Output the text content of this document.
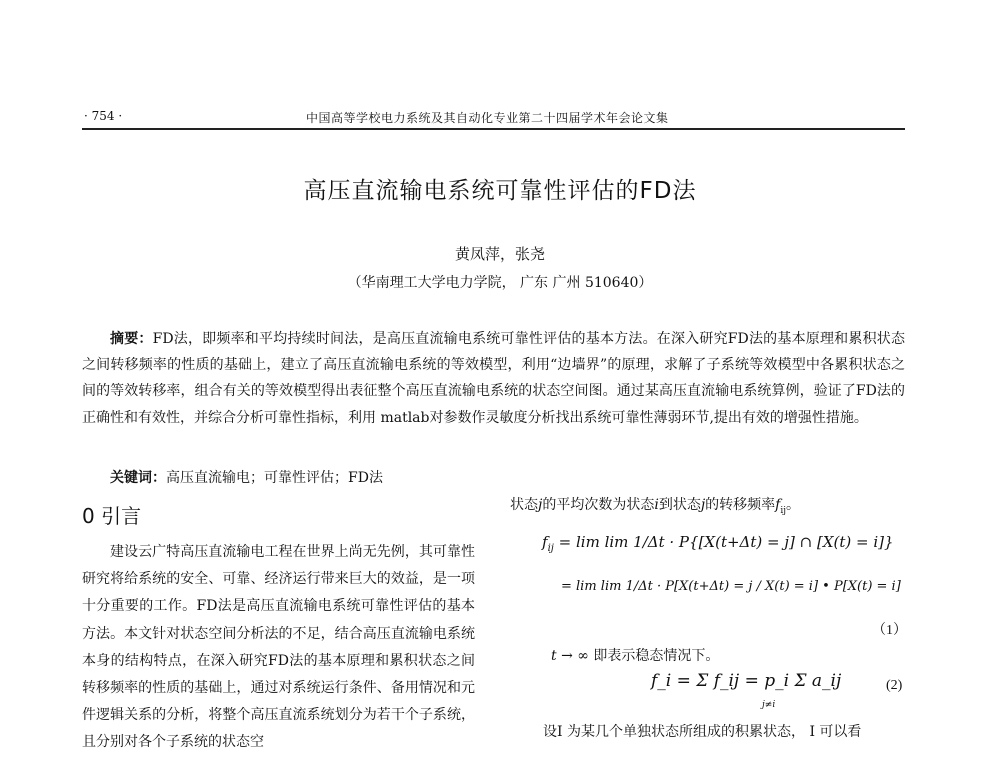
· 754 ·	中国高等学校电力系统及其自动化专业第二十四届学术年会论文集
高压直流输电系统可靠性评估的FD法
黄凤萍，张尧
（华南理工大学电力学院， 广东 广州 510640）
摘要：FD法，即频率和平均持续时间法，是高压直流输电系统可靠性评估的基本方法。在深入研究FD法的基本原理和累积状态之间转移频率的性质的基础上，建立了高压直流输电系统的等效模型，利用“边墙界”的原理，求解了子系统等效模型中各累积状态之间的等效转移率，组合有关的等效模型得出表征整个高压直流输电系统的状态空间图。通过某高压直流输电系统算例，验证了FD法的正确性和有效性，并综合分析可靠性指标，利用 matlab对参数作灵敏度分析找出系统可靠性薄弱环节,提出有效的增强性措施。
关键词：高压直流输电；可靠性评估；FD法
0 引言
建设云广特高压直流输电工程在世界上尚无先例，其可靠性研究将给系统的安全、可靠、经济运行带来巨大的效益，是一项十分重要的工作。FD法是高压直流输电系统可靠性评估的基本方法。本文针对状态空间分析法的不足，结合高压直流输电系统本身的结构特点，在深入研究FD法的基本原理和累积状态之间转移频率的性质的基础上，通过对系统运行条件、备用情况和元件逻辑关系的分析，将整个高压直流系统划分为若干个子系统，且分别对各个子系统的状态空
状态j的平均次数为状态i到状态j的转移频率$f_{ij}$。
$f_{ij} = \lim \lim 1/\Delta t \cdot P\{[X(t+\Delta t) = j]$ ∩ [X(t) = i]}
= lim lim 1/Δt · P[X(t+Δt) = j / X(t) = i] • P[X(t) = i]
（1）
t → ∞ 即表示稳态情况下。
f_i = Σ f_ij = p_i Σ a_ij
j≠i
(2)
设I 为某几个单独状态所组成的积累状态， I 可以看
